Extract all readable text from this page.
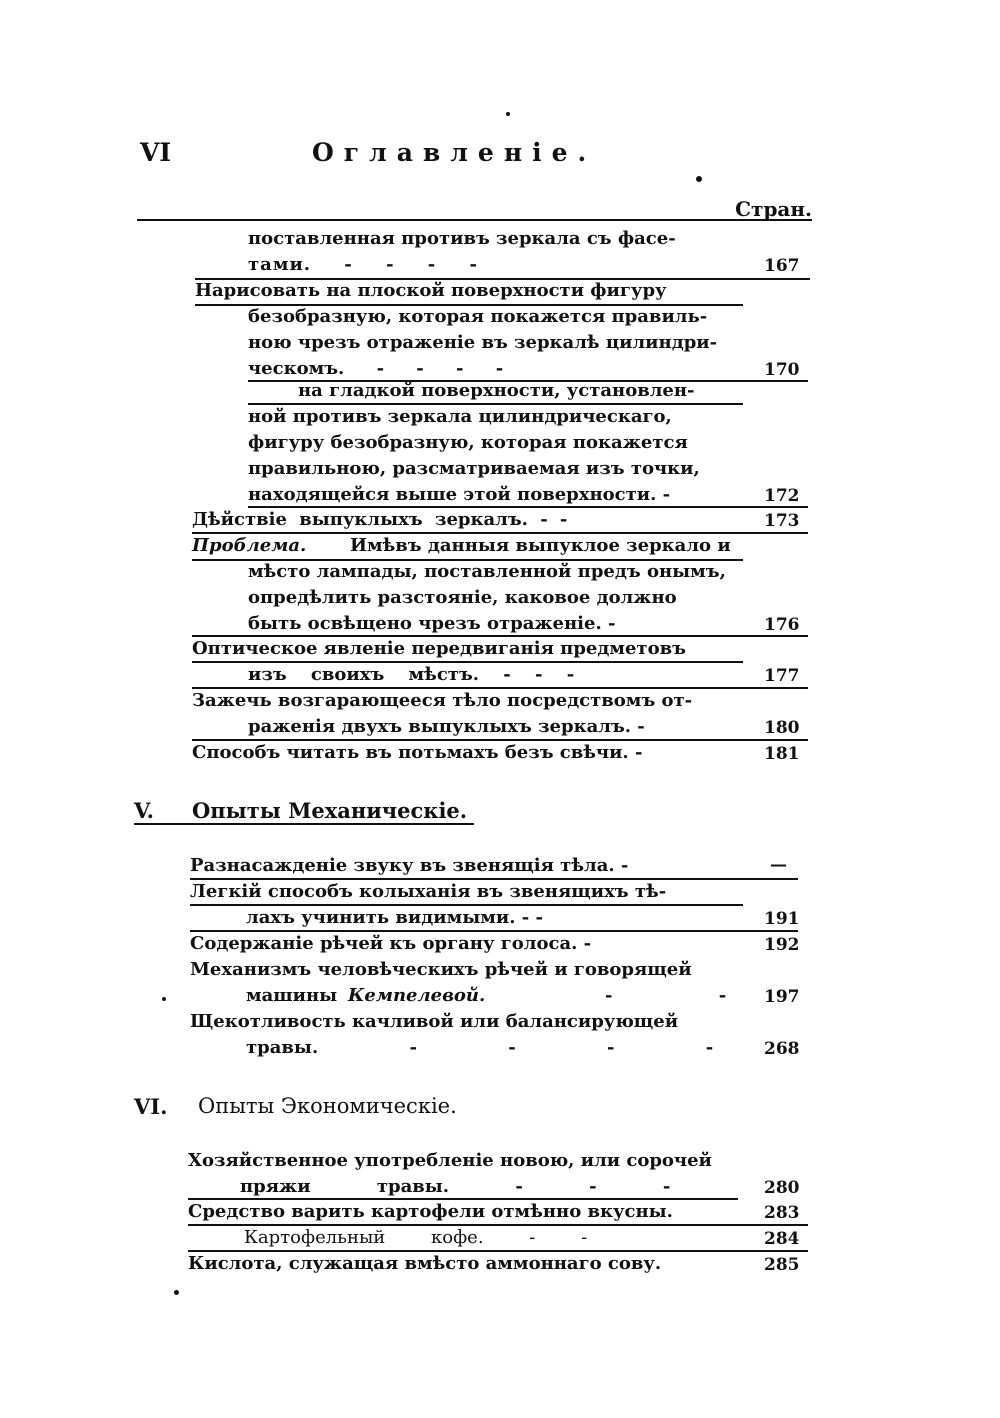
VI	Оглавленіе.
Стран.
поставленная противъ зеркала съ фасе-
тами. - - - -	167
Нарисовать на плоской поверхности фигуру
безобразную, которая покажется правиль-
ною чрезъ отраженіе въ зеркалѣ цилиндри-
ческомъ. - - - -	170
на гладкой поверхности, установлен-
ной противъ зеркала цилиндрическаго,
фигуру безобразную, которая покажется
правильною, разсматриваемая изъ точки,
находящейся выше этой поверхности. -	172
Дѣйствіе выпуклыхъ зеркалъ. - -	173
Проблема. Имѣвъ данныя выпуклое зеркало и
мѣсто лампады, поставленной предъ онымъ,
опредѣлить разстояніе, каковое должно
быть освѣщено чрезъ отраженіе. -	176
Оптическое явленіе передвиганія предметовъ
изъ своихъ мѣстъ. - - -	177
Зажечь возгарающееся тѣло посредствомъ от-
раженія двухъ выпуклыхъ зеркалъ. -	180
Способъ читать въ потьмахъ безъ свѣчи. -	181
V. Опыты Механическіе.
Разнасажденіе звуку въ звенящія тѣла. -	—
Легкій способъ колыханія въ звенящихъ тѣ-
лахъ учинить видимыми. - -	191
Содержаніе рѣчей къ органу голоса. -	192
Механизмъ человѣческихъ рѣчей и говорящей
машины Кемпелевой.	- - 197
Щекотливость качливой или балансирующей
травы. - - - -	268
VI. Опыты Экономическіе.
Хозяйственное употребленіе новою, или сорочей
пряжи травы. - - -	280
Средство варить картофели отмѣнно вкусны.	283
Картофельный кофе. - -	284
Кислота, служащая вмѣсто аммоннаго сову.	285
